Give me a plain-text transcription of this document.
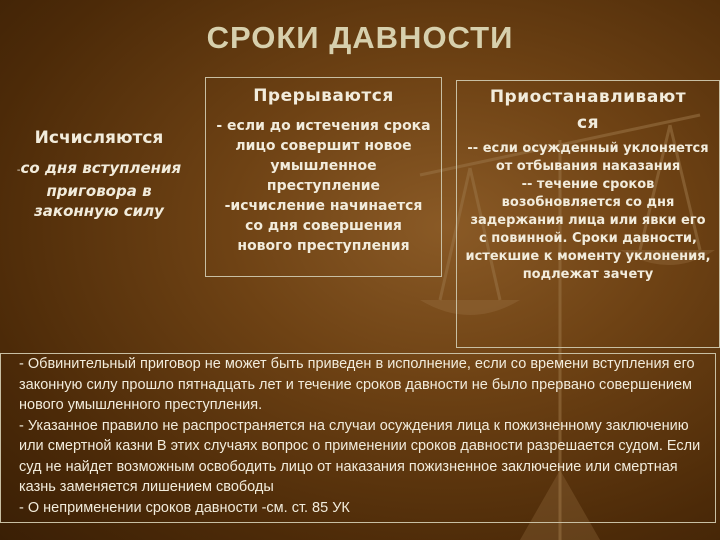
СРОКИ ДАВНОСТИ
Исчисляются
-со дня вступления приговора в законную силу
Прерываются
- если до истечения срока лицо совершит новое умышленное преступление
-исчисление начинается со дня совершения нового преступления
Приостанавливают
ся

-- если осужденный уклоняется от отбывания наказания

-- течение сроков возобновляется со дня задержания лица или явки его с повинной. Сроки давности, истекшие к моменту уклонения, подлежат зачету

- Обвинительный приговор не может быть приведен в исполнение, если со времени вступления его законную силу прошло пятнадцать лет и течение сроков давности не было прервано совершением нового умышленного преступления.

- Указанное правило не распространяется на случаи осуждения лица к пожизненному заключению или смертной казни В этих случаях вопрос о применении сроков давности разрешается судом. Если суд не найдет возможным освободить лицо от наказания пожизненное заключение или смертная казнь заменяется лишением свободы

- О неприменении сроков давности -см. ст. 85 УК
